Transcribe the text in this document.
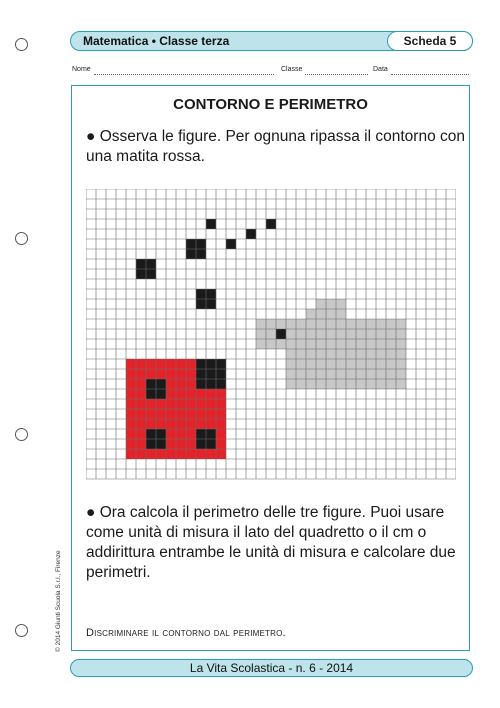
Matematica • Classe terza	Scheda 5
Nome	Classe	Data
CONTORNO E PERIMETRO
● Osserva le figure. Per ognuna ripassa il contorno con una matita rossa.
● Ora calcola il perimetro delle tre figure. Puoi usare come unità di misura il lato del quadretto o il cm o addirittura entrambe le unità di misura e calcolare due perimetri.
Discriminare il contorno dal perimetro.
© 2014 Giunti Scuola S.r.l., Firenze
La Vita Scolastica - n. 6 - 2014
